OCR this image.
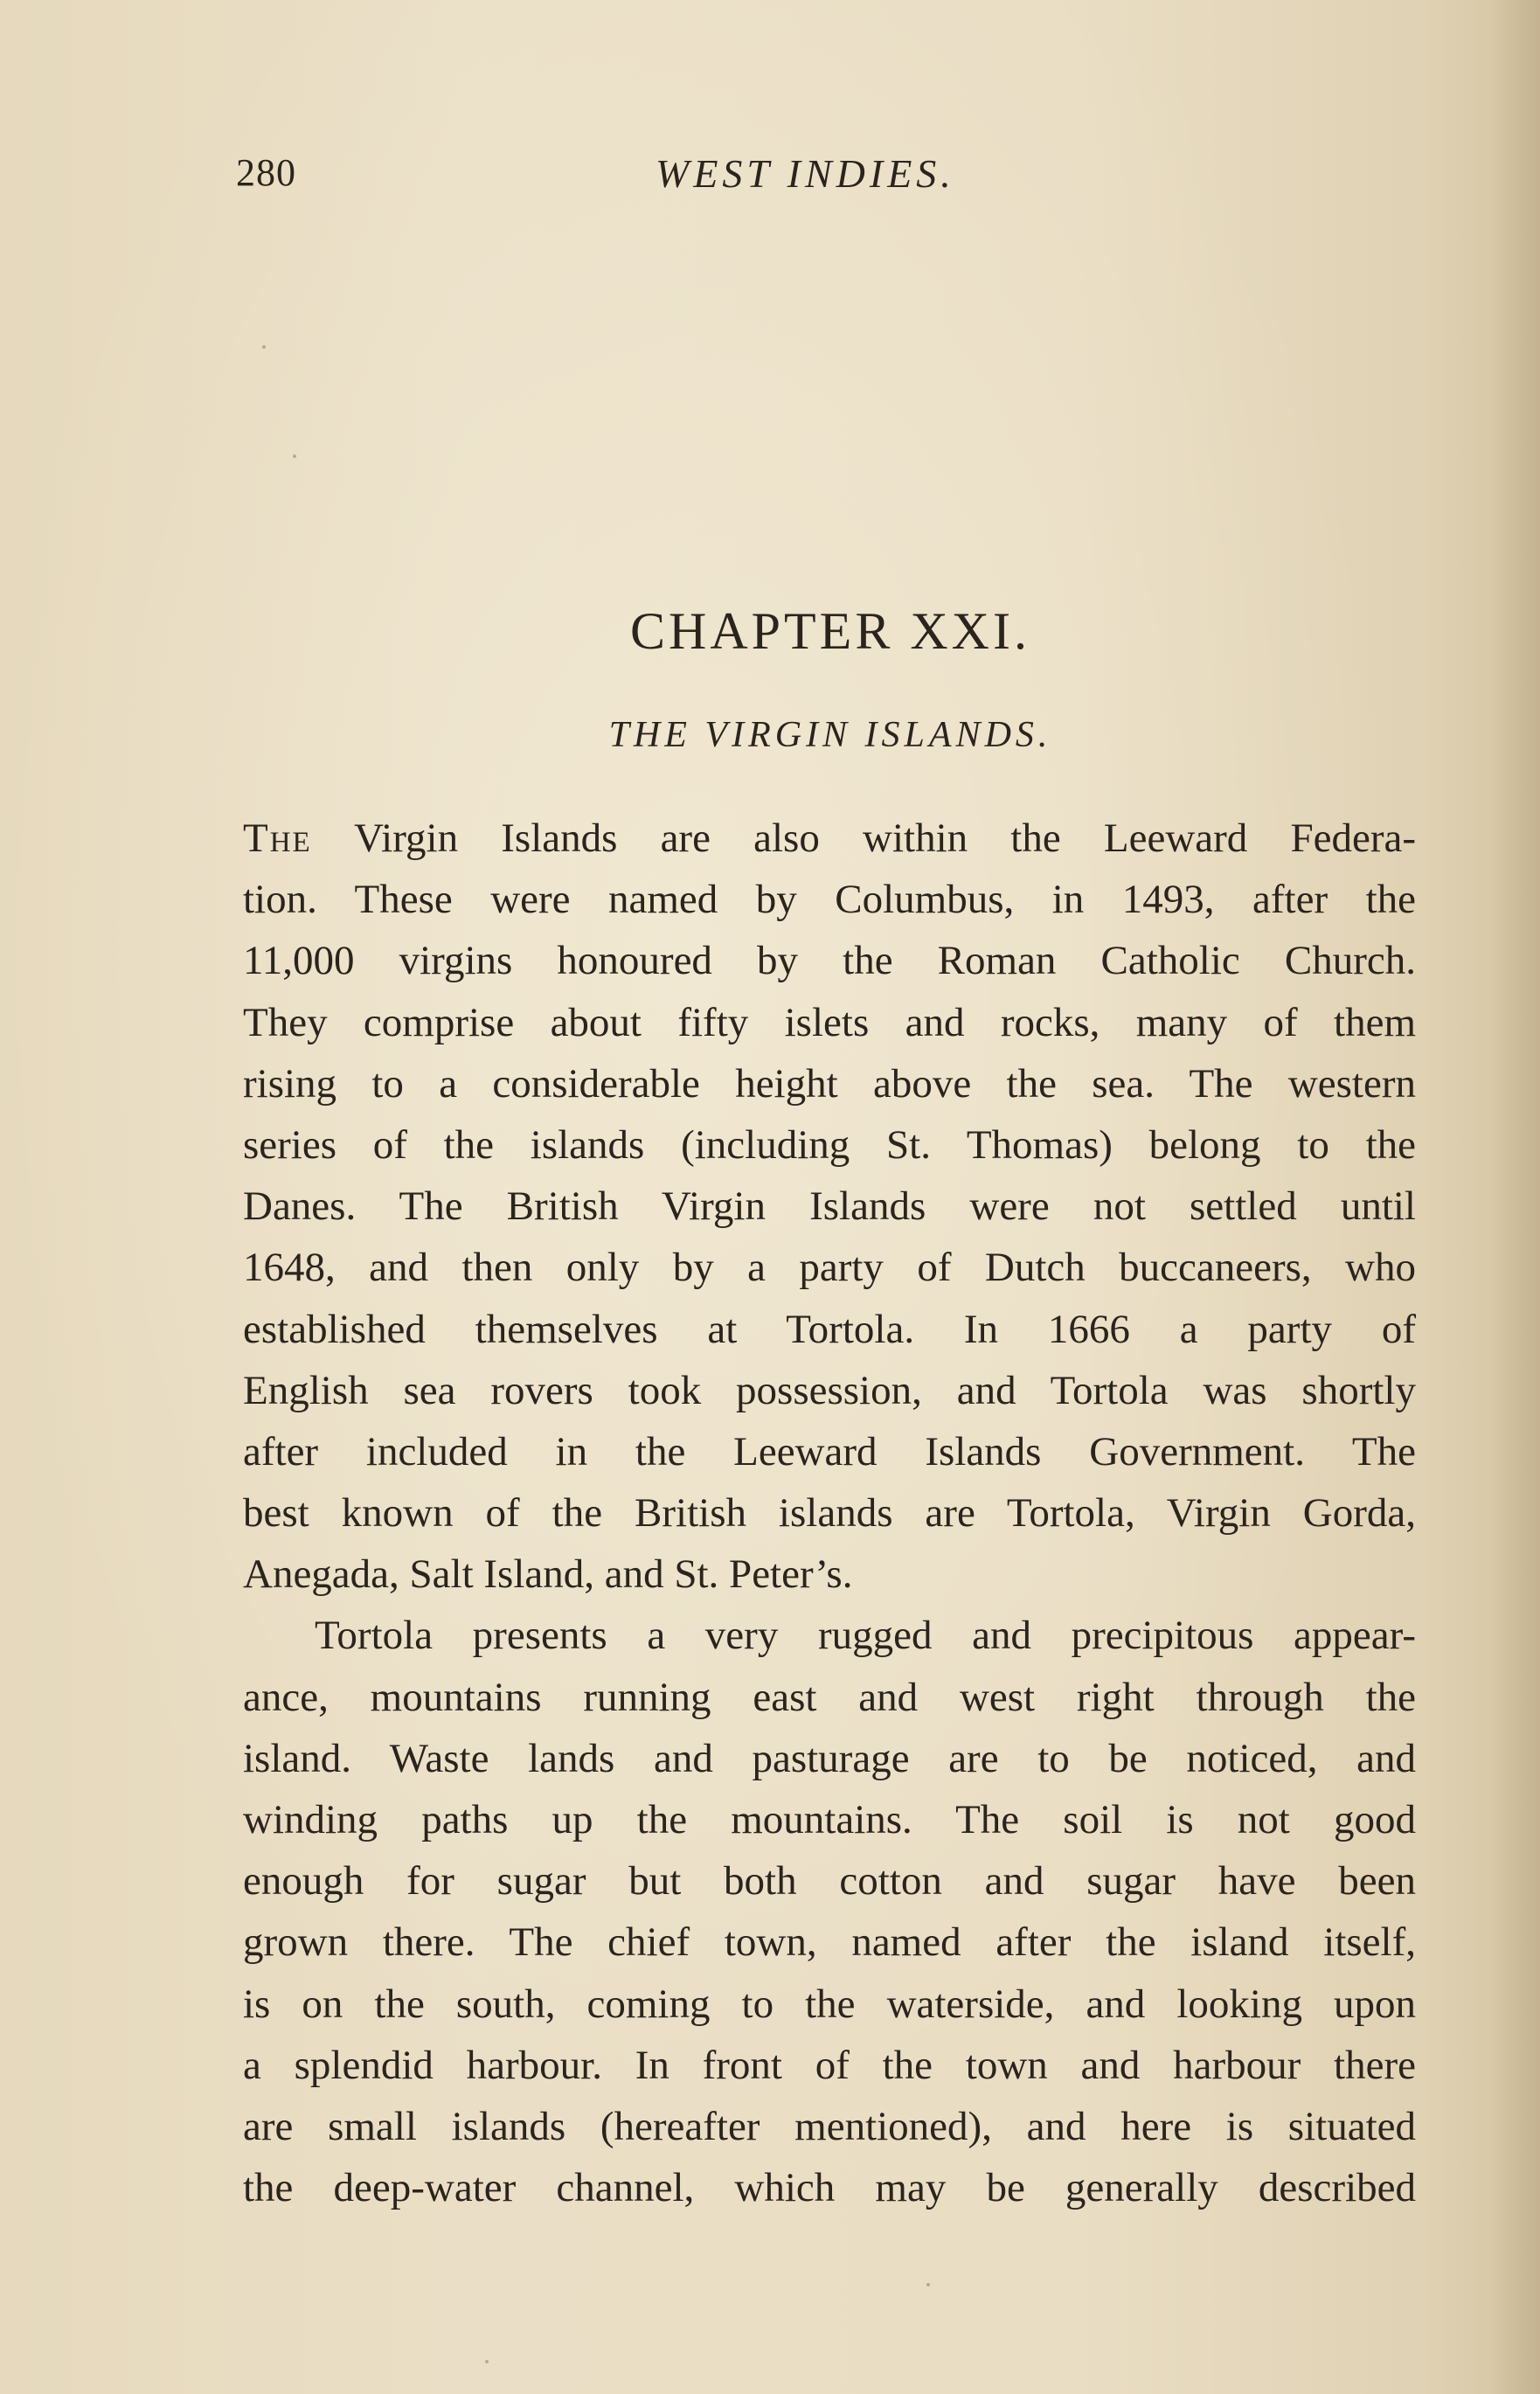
280	WEST INDIES.
CHAPTER XXI.
THE VIRGIN ISLANDS.
The Virgin Islands are also within the Leeward Federa-
tion. These were named by Columbus, in 1493, after the
11,000 virgins honoured by the Roman Catholic Church.
They comprise about fifty islets and rocks, many of them
rising to a considerable height above the sea. The western
series of the islands (including St. Thomas) belong to the
Danes. The British Virgin Islands were not settled until
1648, and then only by a party of Dutch buccaneers, who
established themselves at Tortola. In 1666 a party of
English sea rovers took possession, and Tortola was shortly
after included in the Leeward Islands Government. The
best known of the British islands are Tortola, Virgin Gorda,
Anegada, Salt Island, and St. Peter’s.
Tortola presents a very rugged and precipitous appear-
ance, mountains running east and west right through the
island. Waste lands and pasturage are to be noticed, and
winding paths up the mountains. The soil is not good
enough for sugar but both cotton and sugar have been
grown there. The chief town, named after the island itself,
is on the south, coming to the waterside, and looking upon
a splendid harbour. In front of the town and harbour there
are small islands (hereafter mentioned), and here is situated
the deep-water channel, which may be generally described
